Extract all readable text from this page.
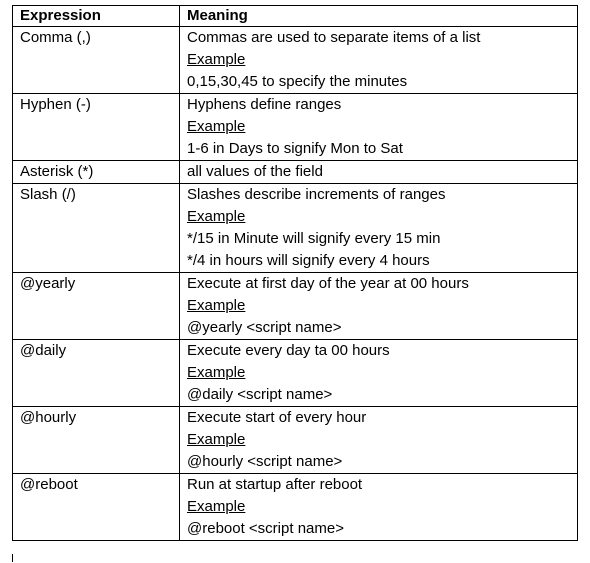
Expression	Meaning
Comma (,)	Commas are used to separate items of a list
Example
0,15,30,45 to specify the minutes

Hyphen (-)	Hyphens define ranges
Example
1-6 in Days to signify Mon to Sat

Asterisk (*)	all values of the field

Slash (/)	Slashes describe increments of ranges
Example
*/15 in Minute will signify every 15 min
*/4 in hours will signify every 4 hours

@yearly	Execute at first day of the year at 00 hours
Example
@yearly <script name>

@daily	Execute every day ta 00 hours
Example
@daily <script name>

@hourly	Execute start of every hour
Example
@hourly <script name>

@reboot	Run at startup after reboot
Example
@reboot <script name>
